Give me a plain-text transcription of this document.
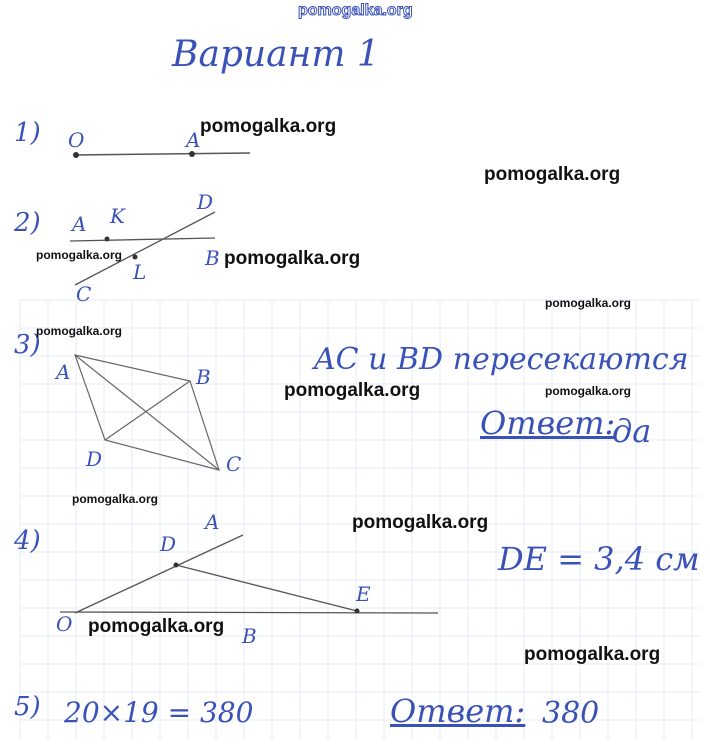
pomogalka.org
Вариант 1
1)
2)
3)
4)
5)
O	A
A K
D
L
B
C
A	B
D	C
AC и BD пересекаются
Ответ:
да
A
D
E
O	B
DE = 3,4 см
20×19 = 380	Ответ: 380
pomogalka.org
pomogalka.org
pomogalka.org	pomogalka.org
pomogalka.org
pomogalka.org
pomogalka.org	pomogalka.org
pomogalka.org
pomogalka.org
pomogalka.org
pomogalka.org
